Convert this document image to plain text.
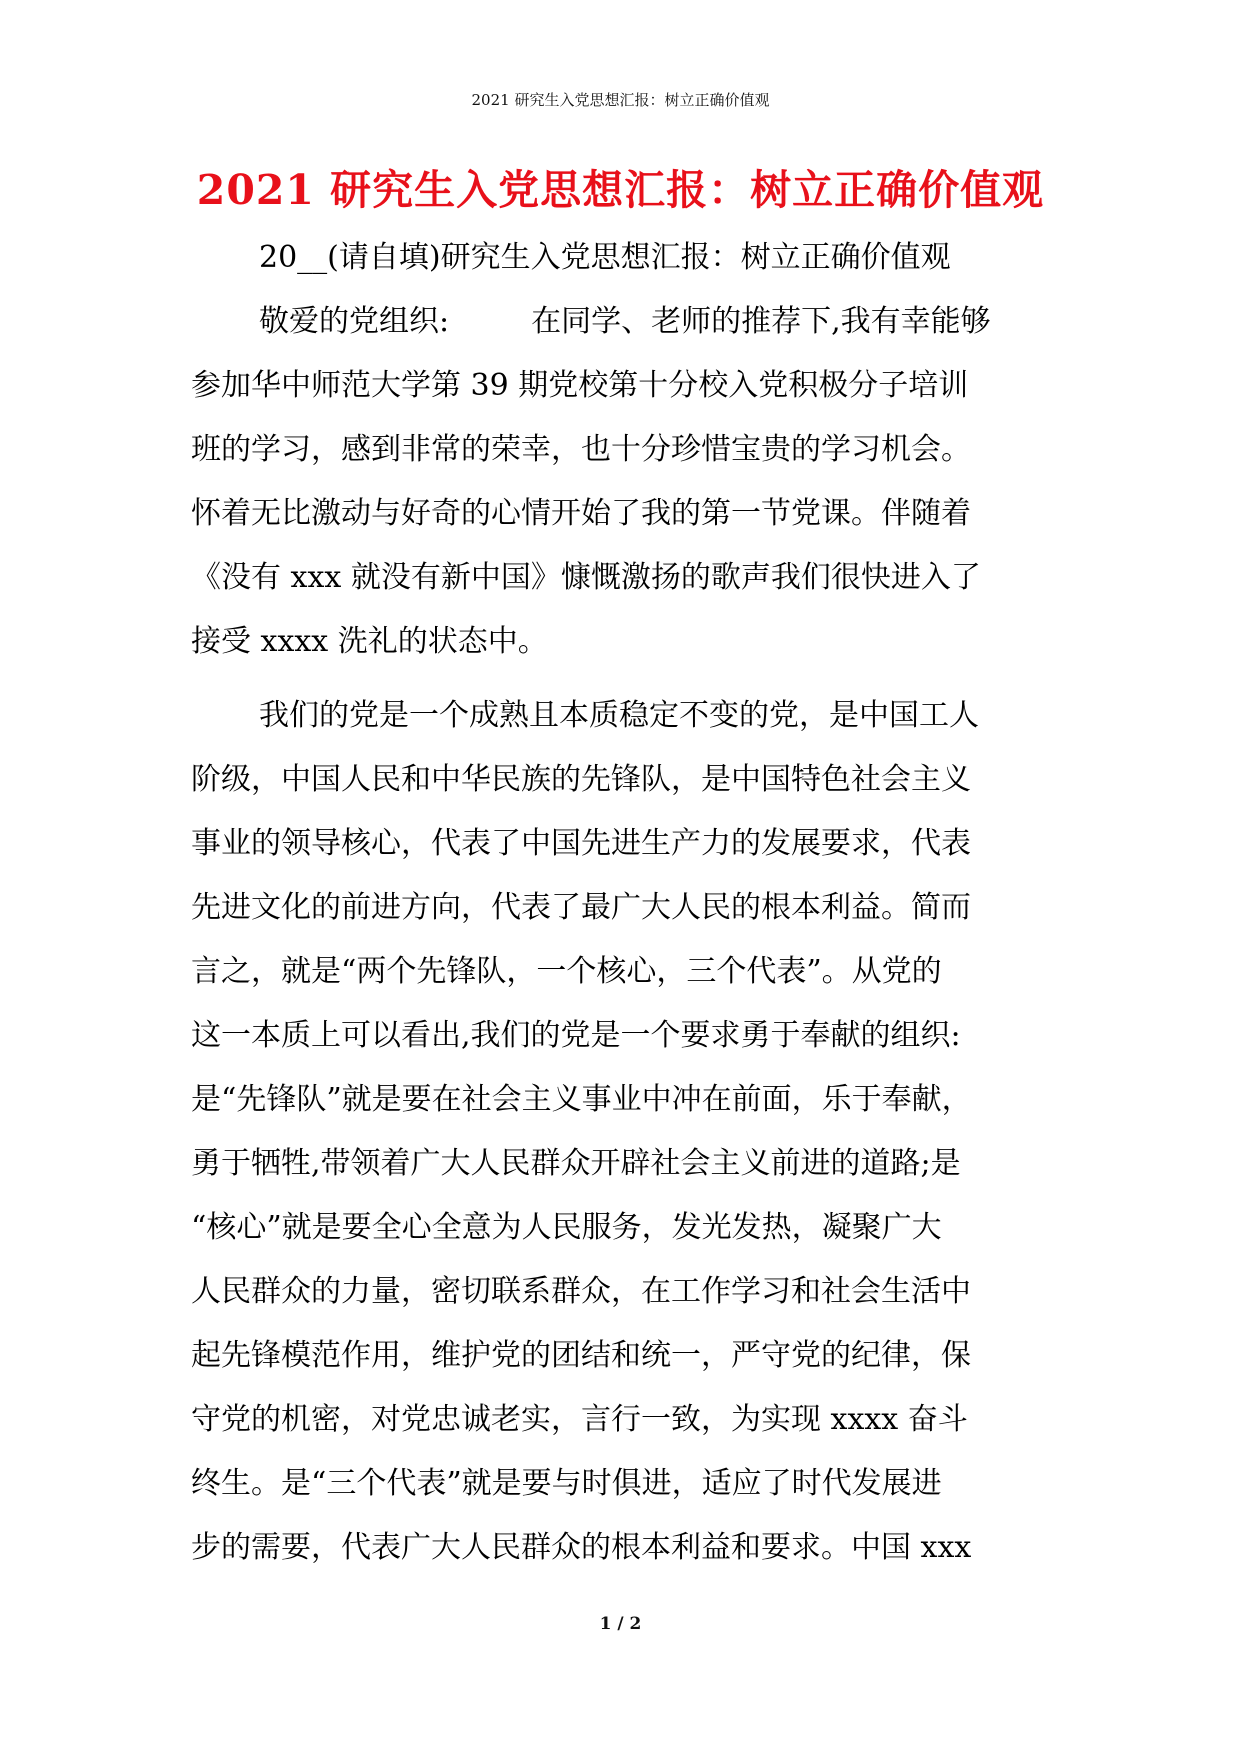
2021 研究生入党思想汇报：树立正确价值观
2021 研究生入党思想汇报：树立正确价值观
20__(请自填)研究生入党思想汇报：树立正确价值观
敬爱的党组织:	在同学、老师的推荐下,我有幸能够
参加华中师范大学第 39 期党校第十分校入党积极分子培训
班的学习，感到非常的荣幸，也十分珍惜宝贵的学习机会。
怀着无比激动与好奇的心情开始了我的第一节党课。伴随着
《没有 xxx 就没有新中国》慷慨激扬的歌声我们很快进入了
接受 xxxx 洗礼的状态中。
我们的党是一个成熟且本质稳定不变的党，是中国工人
阶级，中国人民和中华民族的先锋队，是中国特色社会主义
事业的领导核心，代表了中国先进生产力的发展要求，代表
先进文化的前进方向，代表了最广大人民的根本利益。简而
言之，就是“两个先锋队，一个核心，三个代表”。从党的
这一本质上可以看出,我们的党是一个要求勇于奉献的组织:
是“先锋队”就是要在社会主义事业中冲在前面，乐于奉献，
勇于牺牲,带领着广大人民群众开辟社会主义前进的道路;是
“核心”就是要全心全意为人民服务，发光发热，凝聚广大
人民群众的力量，密切联系群众，在工作学习和社会生活中
起先锋模范作用，维护党的团结和统一，严守党的纪律，保
守党的机密，对党忠诚老实，言行一致，为实现 xxxx 奋斗
终生。是“三个代表”就是要与时俱进，适应了时代发展进
步的需要，代表广大人民群众的根本利益和要求。中国 xxx
1 / 2
